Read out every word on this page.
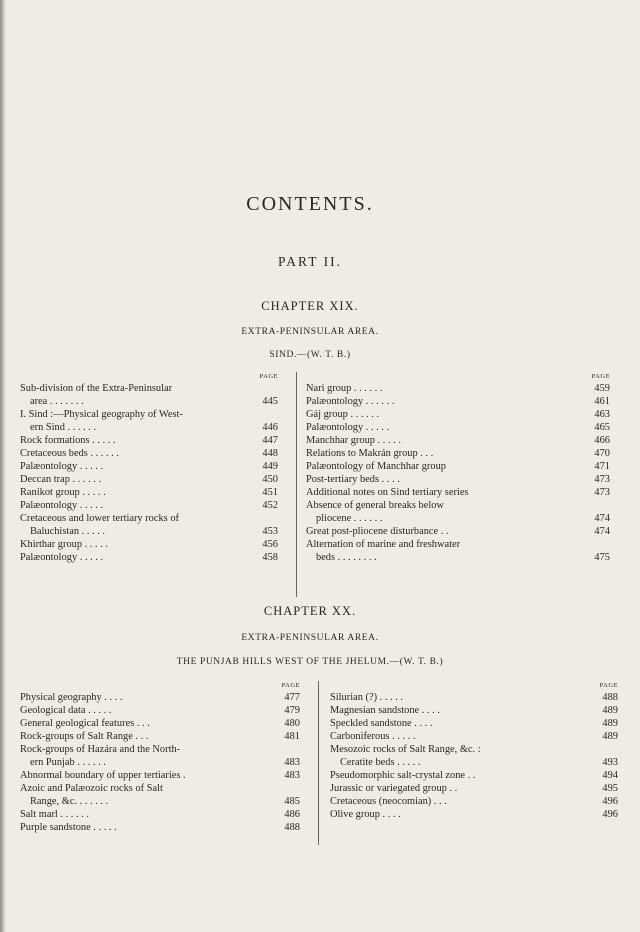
CONTENTS.
PART II.
CHAPTER XIX.
EXTRA-PENINSULAR AREA.
SIND.—(W. T. B.)
PAGE
Sub-division of the Extra-Peninsular
area . . . . . . .	445
I. Sind :—Physical geography of West-
ern Sind . . . . . .	446
Rock formations . . . . .	447
Cretaceous beds . . . . . .	448
Palæontology . . . . .	449
Deccan trap . . . . . .	450
Ranikot group . . . . .	451
Palæontology . . . . .	452
Cretaceous and lower tertiary rocks of
Baluchistan . . . . .	453
Khirthar group . . . . .	456
Palæontology . . . . .	458
PAGE
Nari group . . . . . .	459
Palæontology . . . . . .	461
Gáj group . . . . . .	463
Palæontology . . . . .	465
Manchhar group . . . . .	466
Relations to Makrán group . . .	470
Palæontology of Manchhar group	471
Post-tertiary beds . . . .	473
Additional notes on Sind tertiary series	473
Absence of general breaks below
pliocene . . . . . .	474
Great post-pliocene disturbance . .	474
Alternation of marine and freshwater
beds . . . . . . . .	475
CHAPTER XX.
EXTRA-PENINSULAR AREA.
THE PUNJAB HILLS WEST OF THE JHELUM.—(W. T. B.)
PAGE
Physical geography . . . .	477
Geological data . . . . .	479
General geological features . . .	480
Rock-groups of Salt Range . . .	481
Rock-groups of Hazára and the North-
ern Punjab . . . . . .	483
Abnormal boundary of upper tertiaries .	483
Azoic and Palæozoic rocks of Salt
Range, &c. . . . . . .	485
Salt marl . . . . . .	486
Purple sandstone . . . . .	488
PAGE
Silurian (?) . . . . .	488
Magnesian sandstone . . . .	489
Speckled sandstone . . . .	489
Carboniferous . . . . .	489
Mesozoic rocks of Salt Range, &c. :
Ceratite beds . . . . .	493
Pseudomorphic salt-crystal zone . .	494
Jurassic or variegated group . .	495
Cretaceous (neocomian) . . .	496
Olive group . . . .	496
